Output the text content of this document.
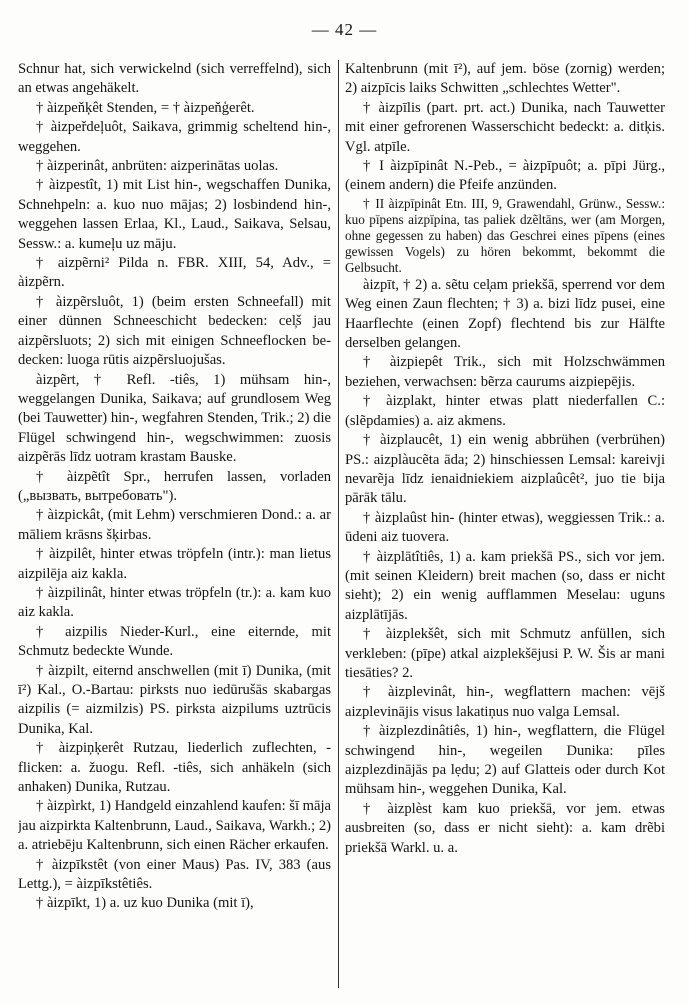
— 42 —

Schnur hat, sich verwickelnd (sich verreffelnd), sich an etwas angehäkelt.

† àizpeňķêt Stenden, = † àizpeňģerêt.

† àizpeřdeļuôt, Saikava, grimmig scheltend hin-, weggehen.

† àizperinât, anbrüten: aizperinātas uolas.

† àizpestît, 1) mit List hin-, wegschaffen Dunika, Schnehpeln: a. kuo nuo mājas; 2) losbindend hin-, weggehen lassen Erlaa, Kl., Laud., Saikava, Selsau, Sessw.: a. kumeļu uz māju.

† aizpẽrni² Pilda n. FBR. XIII, 54, Adv., = àizpẽrn.

† àizpẽrsluôt, 1) (beim ersten Schneefall) mit einer dünnen Schneeschicht bedecken: cel̦š jau aizpẽrsluots; 2) sich mit einigen Schneeflocken bedecken: luoga rūtis aizpẽrsluojušas.

àizpẽrt, † Refl. -tiês, 1) mühsam hin-, weggelangen Dunika, Saikava; auf grundlosem Weg (bei Tauwetter) hin-, wegfahren Stenden, Trik.; 2) die Flügel schwingend hin-, wegschwimmen: zuosis aizpẽrās līdz uotram krastam Bauske.

† àizpẽtît Spr., herrufen lassen, vorladen („вызвать, вытребовать").

† àizpickât, (mit Lehm) verschmieren Dond.: a. ar māliem krāsns šķirbas.

† àizpilêt, hinter etwas tröpfeln (intr.): man lietus aizpilēja aiz kakla.

† àizpilinât, hinter etwas tröpfeln (tr.): a. kam kuo aiz kakla.

† aizpilis Nieder-Kurl., eine eiternde, mit Schmutz bedeckte Wunde.

† àizpilt, eiternd anschwellen (mit ī) Dunika, (mit ī²) Kal., O.-Bartau: pirksts nuo iedūrušās skabargas aizpilis (= aizmilzis) PS. pirksta aizpilums uztrūcis Dunika, Kal.

† àizpiņķerêt Rutzau, liederlich zuflechten, -flicken: a. žuogu. Refl. -tiês, sich anhäkeln (sich anhaken) Dunika, Rutzau.

† àizpìrkt, 1) Handgeld einzahlend kaufen: šī māja jau aizpirkta Kaltenbrunn, Laud., Saikava, Warkh.; 2) a. atriebēju Kaltenbrunn, sich einen Rächer erkaufen.

† àizpīkstêt (von einer Maus) Pas. IV, 383 (aus Lettg.), = àizpīkstêtiês.

† àizpīkt, 1) a. uz kuo Dunika (mit ī),

Kaltenbrunn (mit ī²), auf jem. böse (zornig) werden; 2) aizpīcis laiks Schwitten „schlechtes Wetter".

† àizpīlis (part. prt. act.) Dunika, nach Tauwetter mit einer gefrorenen Wasserschicht bedeckt: a. ditķis. Vgl. atpīle.

† I àizpīpinât N.-Peb., = àizpīpuôt; a. pīpi Jürg., (einem andern) die Pfeife anzünden.

† II àizpīpinât Etn. III, 9, Grawendahl, Grünw., Sessw.: kuo pīpens aizpīpina, tas paliek dzẽltāns, wer (am Morgen, ohne gegessen zu haben) das Geschrei eines pīpens (eines gewissen Vogels) zu hören bekommt, bekommt die Gelbsucht.

àizpīt, † 2) a. sẽtu cel̦am priekšā, sperrend vor dem Weg einen Zaun flechten; † 3) a. bizi līdz pusei, eine Haarflechte (einen Zopf) flechtend bis zur Hälfte derselben gelangen.

† àizpiepêt Trik., sich mit Holzschwämmen beziehen, verwachsen: bẽrza caurums aizpiepējis.

† àizplakt, hinter etwas platt niederfallen C.: (slẽpdamies) a. aiz akmens.

† àizplaucêt, 1) ein wenig abbrühen (verbrühen) PS.: aizplàucẽta āda; 2) hinschiessen Lemsal: kareivji nevarẽja līdz ienaidniekiem aizplaûcêt², juo tie bija pārāk tālu.

† àizplaûst hin- (hinter etwas), weggiessen Trik.: a. ūdeni aiz tuovera.

† àizplātîtiês, 1) a. kam priekšā PS., sich vor jem. (mit seinen Kleidern) breit machen (so, dass er nicht sieht); 2) ein wenig aufflammen Meselau: uguns aizplātījās.

† àizplekšêt, sich mit Schmutz anfüllen, sich verkleben: (pīpe) atkal aizplekšējusi P. W. Šis ar mani tiesāties? 2.

† àizplevinât, hin-, wegflattern machen: vējš aizplevinājis visus lakatiņus nuo valga Lemsal.

† àizplezdinâtiês, 1) hin-, wegflattern, die Flügel schwingend hin-, wegeilen Dunika: pīles aizplezdinājās pa lẹdu; 2) auf Glatteis oder durch Kot mühsam hin-, weggehen Dunika, Kal.

† àizplèst kam kuo priekšā, vor jem. etwas ausbreiten (so, dass er nicht sieht): a. kam drẽbi priekšā Warkl. u. a.
